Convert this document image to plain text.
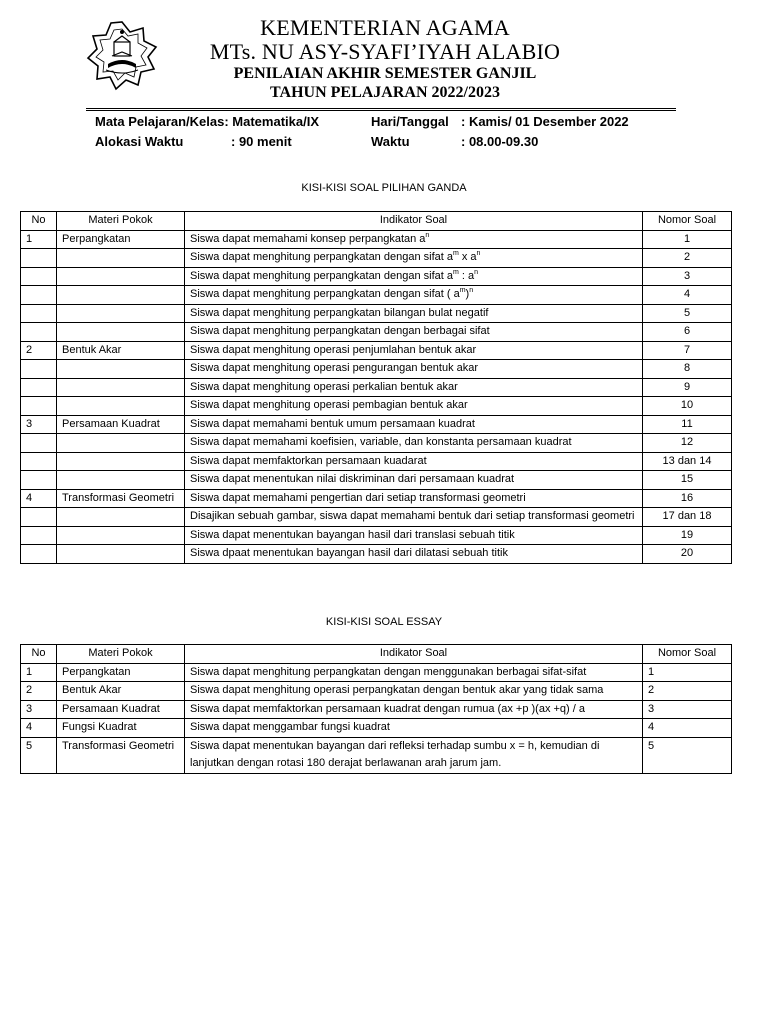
KEMENTERIAN AGAMA
MTs. NU ASY-SYAFI’IYAH ALABIO
PENILAIAN AKHIR SEMESTER GANJIL
TAHUN PELAJARAN 2022/2023
Mata Pelajaran/Kelas: Matematika/IX	Hari/Tanggal : Kamis/ 01 Desember 2022
Alokasi Waktu	: 90 menit	Waktu	: 08.00-09.30
KISI-KISI SOAL PILIHAN GANDA
No	Materi Pokok	Indikator Soal	Nomor Soal
1	Perpangkatan	Siswa dapat memahami konsep perpangkatan $a^n$	1
		Siswa dapat menghitung perpangkatan dengan sifat $a^m$ x $a^n$	2
		Siswa dapat menghitung perpangkatan dengan sifat $a^m$ : $a^n$	3
		Siswa dapat menghitung perpangkatan dengan sifat ( $a^m)^n$	4
		Siswa dapat menghitung perpangkatan bilangan bulat negatif	5
		Siswa dapat menghitung perpangkatan dengan berbagai sifat	6
2	Bentuk Akar	Siswa dapat menghitung operasi penjumlahan bentuk akar	7
		Siswa dapat menghitung operasi pengurangan bentuk akar	8
		Siswa dapat menghitung operasi perkalian bentuk akar	9
		Siswa dapat menghitung operasi pembagian bentuk akar	10
3	Persamaan Kuadrat	Siswa dapat memahami bentuk umum persamaan kuadrat	11
		Siswa dapat memahami koefisien, variable, dan konstanta persamaan kuadrat	12
		Siswa dapat memfaktorkan persamaan kuadarat	13 dan 14
		Siswa dapat menentukan nilai diskriminan dari persamaan kuadrat	15
4	Transformasi Geometri	Siswa dapat memahami pengertian dari setiap transformasi geometri	16
		Disajikan sebuah gambar, siswa dapat memahami bentuk dari setiap transformasi geometri	17 dan 18
		Siswa dapat menentukan bayangan hasil dari translasi sebuah titik	19
		Siswa dpaat menentukan bayangan hasil dari dilatasi sebuah titik	20
KISI-KISI SOAL ESSAY
No	Materi Pokok	Indikator Soal	Nomor Soal
1	Perpangkatan	Siswa dapat menghitung perpangkatan dengan menggunakan berbagai sifat-sifat	1
2	Bentuk Akar	Siswa dapat menghitung operasi perpangkatan dengan bentuk akar yang tidak sama	2
3	Persamaan Kuadrat	Siswa dapat memfaktorkan persamaan kuadrat dengan rumua (ax +p )(ax +q) / a	3
4	Fungsi Kuadrat	Siswa dapat menggambar fungsi kuadrat	4
5	Transformasi Geometri	Siswa dapat menentukan bayangan dari refleksi terhadap sumbu x = h, kemudian di lanjutkan dengan rotasi 180 derajat berlawanan arah jarum jam.	5
